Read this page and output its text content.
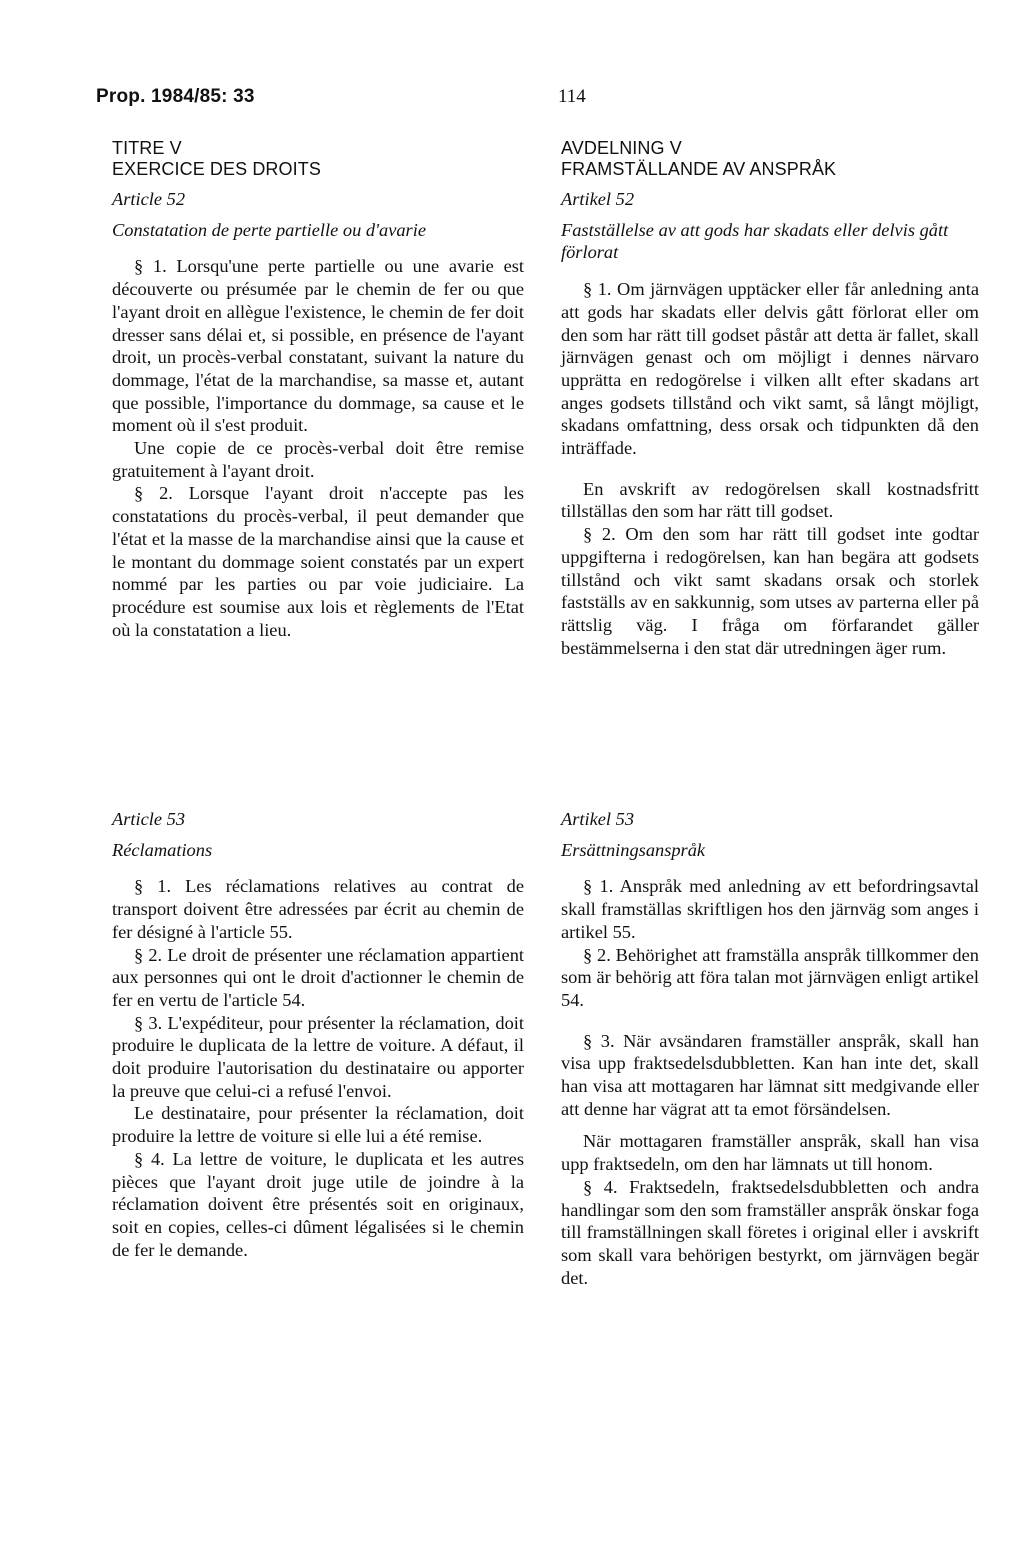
Prop. 1984/85: 33	114
TITRE V
EXERCICE DES DROITS
Article 52
Constatation de perte partielle ou d'avarie

§ 1. Lorsqu'une perte partielle ou une avarie est découverte ou présumée par le chemin de fer ou que l'ayant droit en allègue l'existence, le chemin de fer doit dresser sans délai et, si possible, en présence de l'ayant droit, un procès-verbal constatant, suivant la nature du dommage, l'état de la marchandise, sa masse et, autant que possible, l'importance du dommage, sa cause et le moment où il s'est produit.

Une copie de ce procès-verbal doit être remise gratuitement à l'ayant droit.

§ 2. Lorsque l'ayant droit n'accepte pas les constatations du procès-verbal, il peut demander que l'état et la masse de la marchandise ainsi que la cause et le montant du dommage soient constatés par un expert nommé par les parties ou par voie judiciaire. La procédure est soumise aux lois et règlements de l'Etat où la constatation a lieu.

AVDELNING V
FRAMSTÄLLANDE AV ANSPRÅK
Artikel 52
Fastställelse av att gods har skadats eller delvis gått förlorat

§ 1. Om järnvägen upptäcker eller får anledning anta att gods har skadats eller delvis gått förlorat eller om den som har rätt till godset påstår att detta är fallet, skall järnvägen genast och om möjligt i dennes närvaro upprätta en redogörelse i vilken allt efter skadans art anges godsets tillstånd och vikt samt, så långt möjligt, skadans omfattning, dess orsak och tidpunkten då den inträffade.

En avskrift av redogörelsen skall kostnadsfritt tillställas den som har rätt till godset.

§ 2. Om den som har rätt till godset inte godtar uppgifterna i redogörelsen, kan han begära att godsets tillstånd och vikt samt skadans orsak och storlek fastställs av en sakkunnig, som utses av parterna eller på rättslig väg. I fråga om förfarandet gäller bestämmelserna i den stat där utredningen äger rum.

Article 53
Réclamations

§ 1. Les réclamations relatives au contrat de transport doivent être adressées par écrit au chemin de fer désigné à l'article 55.

§ 2. Le droit de présenter une réclamation appartient aux personnes qui ont le droit d'actionner le chemin de fer en vertu de l'article 54.

§ 3. L'expéditeur, pour présenter la réclamation, doit produire le duplicata de la lettre de voiture. A défaut, il doit produire l'autorisation du destinataire ou apporter la preuve que celui-ci a refusé l'envoi.

Le destinataire, pour présenter la réclamation, doit produire la lettre de voiture si elle lui a été remise.

§ 4. La lettre de voiture, le duplicata et les autres pièces que l'ayant droit juge utile de joindre à la réclamation doivent être présentés soit en originaux, soit en copies, celles-ci dûment légalisées si le chemin de fer le demande.

Artikel 53
Ersättningsanspråk

§ 1. Anspråk med anledning av ett befordringsavtal skall framställas skriftligen hos den järnväg som anges i artikel 55.

§ 2. Behörighet att framställa anspråk tillkommer den som är behörig att föra talan mot järnvägen enligt artikel 54.

§ 3. När avsändaren framställer anspråk, skall han visa upp fraktsedelsdubbletten. Kan han inte det, skall han visa att mottagaren har lämnat sitt medgivande eller att denne har vägrat att ta emot försändelsen.

När mottagaren framställer anspråk, skall han visa upp fraktsedeln, om den har lämnats ut till honom.

§ 4. Fraktsedeln, fraktsedelsdubbletten och andra handlingar som den som framställer anspråk önskar foga till framställningen skall företes i original eller i avskrift som skall vara behörigen bestyrkt, om järnvägen begär det.
